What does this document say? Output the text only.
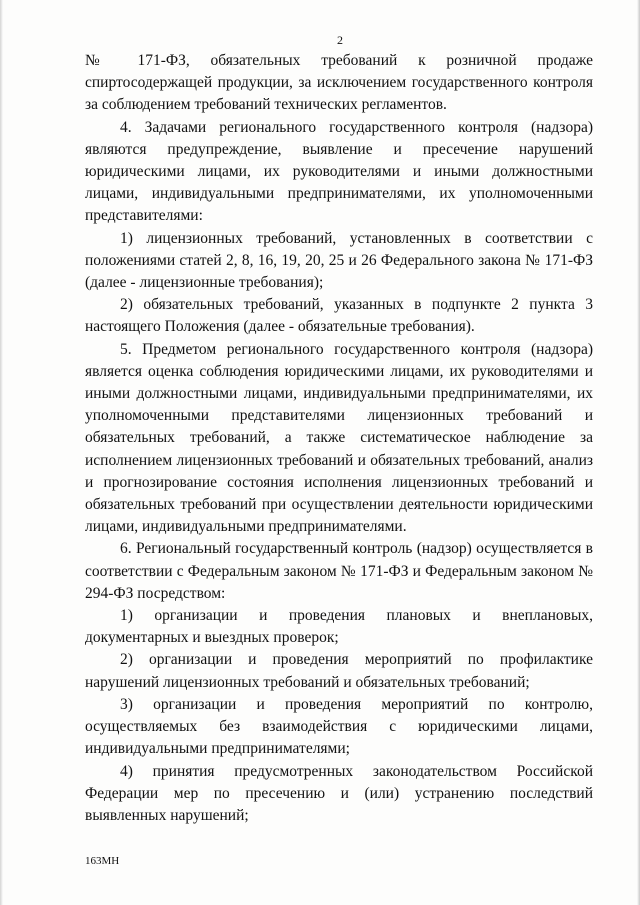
2

№ 171-ФЗ, обязательных требований к розничной продаже спиртосодержащей продукции, за исключением государственного контроля за соблюдением требований технических регламентов.

4. Задачами регионального государственного контроля (надзора) являются предупреждение, выявление и пресечение нарушений юридическими лицами, их руководителями и иными должностными лицами, индивидуальными предпринимателями, их уполномоченными представителями:

1) лицензионных требований, установленных в соответствии с положениями статей 2, 8, 16, 19, 20, 25 и 26 Федерального закона № 171-ФЗ (далее - лицензионные требования);

2) обязательных требований, указанных в подпункте 2 пункта 3 настоящего Положения (далее - обязательные требования).

5. Предметом регионального государственного контроля (надзора) является оценка соблюдения юридическими лицами, их руководителями и иными должностными лицами, индивидуальными предпринимателями, их уполномоченными представителями лицензионных требований и обязательных требований, а также систематическое наблюдение за исполнением лицензионных требований и обязательных требований, анализ и прогнозирование состояния исполнения лицензионных требований и обязательных требований при осуществлении деятельности юридическими лицами, индивидуальными предпринимателями.

6. Региональный государственный контроль (надзор) осуществляется в соответствии с Федеральным законом № 171-ФЗ и Федеральным законом № 294-ФЗ посредством:

1) организации и проведения плановых и внеплановых, документарных и выездных проверок;

2) организации и проведения мероприятий по профилактике нарушений лицензионных требований и обязательных требований;

3) организации и проведения мероприятий по контролю, осуществляемых без взаимодействия с юридическими лицами, индивидуальными предпринимателями;

4) принятия предусмотренных законодательством Российской Федерации мер по пресечению и (или) устранению последствий выявленных нарушений;

163МН
